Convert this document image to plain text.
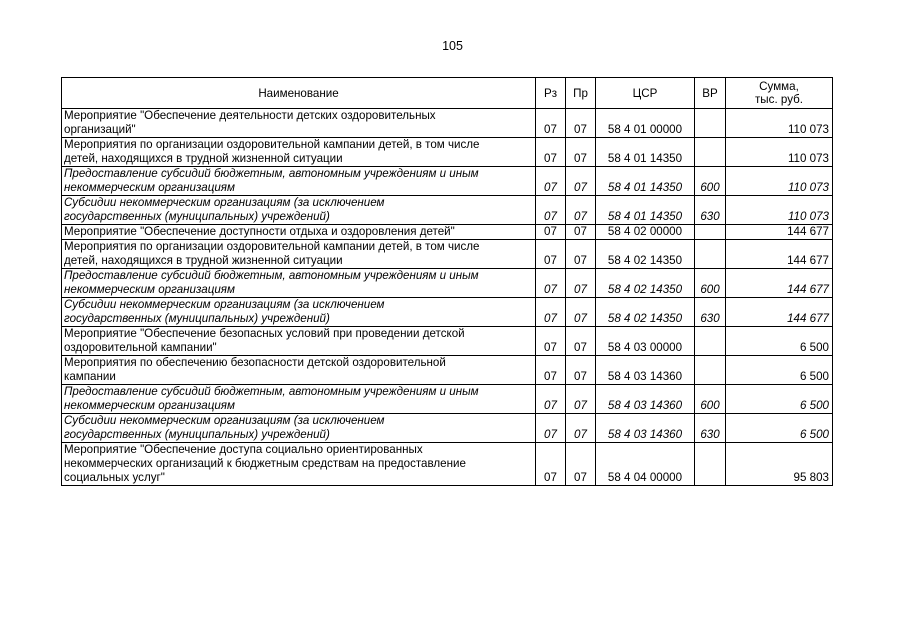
105
Наименование	Рз	Пр	ЦСР	ВР	Сумма,
тыс. руб.
Мероприятие "Обеспечение деятельности детских оздоровительных
организаций"	07	07	58 4 01 00000		110 073
Мероприятия по организации оздоровительной кампании детей, в том числе
детей, находящихся в трудной жизненной ситуации	07	07	58 4 01 14350		110 073
Предоставление субсидий бюджетным, автономным учреждениям и иным
некоммерческим организациям	07	07	58 4 01 14350	600	110 073
Субсидии некоммерческим организациям (за исключением
государственных (муниципальных) учреждений)	07	07	58 4 01 14350	630	110 073
Мероприятие "Обеспечение доступности отдыха и оздоровления детей"	07	07	58 4 02 00000		144 677
Мероприятия по организации оздоровительной кампании детей, в том числе
детей, находящихся в трудной жизненной ситуации	07	07	58 4 02 14350		144 677
Предоставление субсидий бюджетным, автономным учреждениям и иным
некоммерческим организациям	07	07	58 4 02 14350	600	144 677
Субсидии некоммерческим организациям (за исключением
государственных (муниципальных) учреждений)	07	07	58 4 02 14350	630	144 677
Мероприятие "Обеспечение безопасных условий при проведении детской
оздоровительной кампании"	07	07	58 4 03 00000		6 500
Мероприятия по обеспечению безопасности детской оздоровительной
кампании	07	07	58 4 03 14360		6 500
Предоставление субсидий бюджетным, автономным учреждениям и иным
некоммерческим организациям	07	07	58 4 03 14360	600	6 500
Субсидии некоммерческим организациям (за исключением
государственных (муниципальных) учреждений)	07	07	58 4 03 14360	630	6 500
Мероприятие "Обеспечение доступа социально ориентированных
некоммерческих организаций к бюджетным средствам на предоставление
социальных услуг"	07	07	58 4 04 00000		95 803
